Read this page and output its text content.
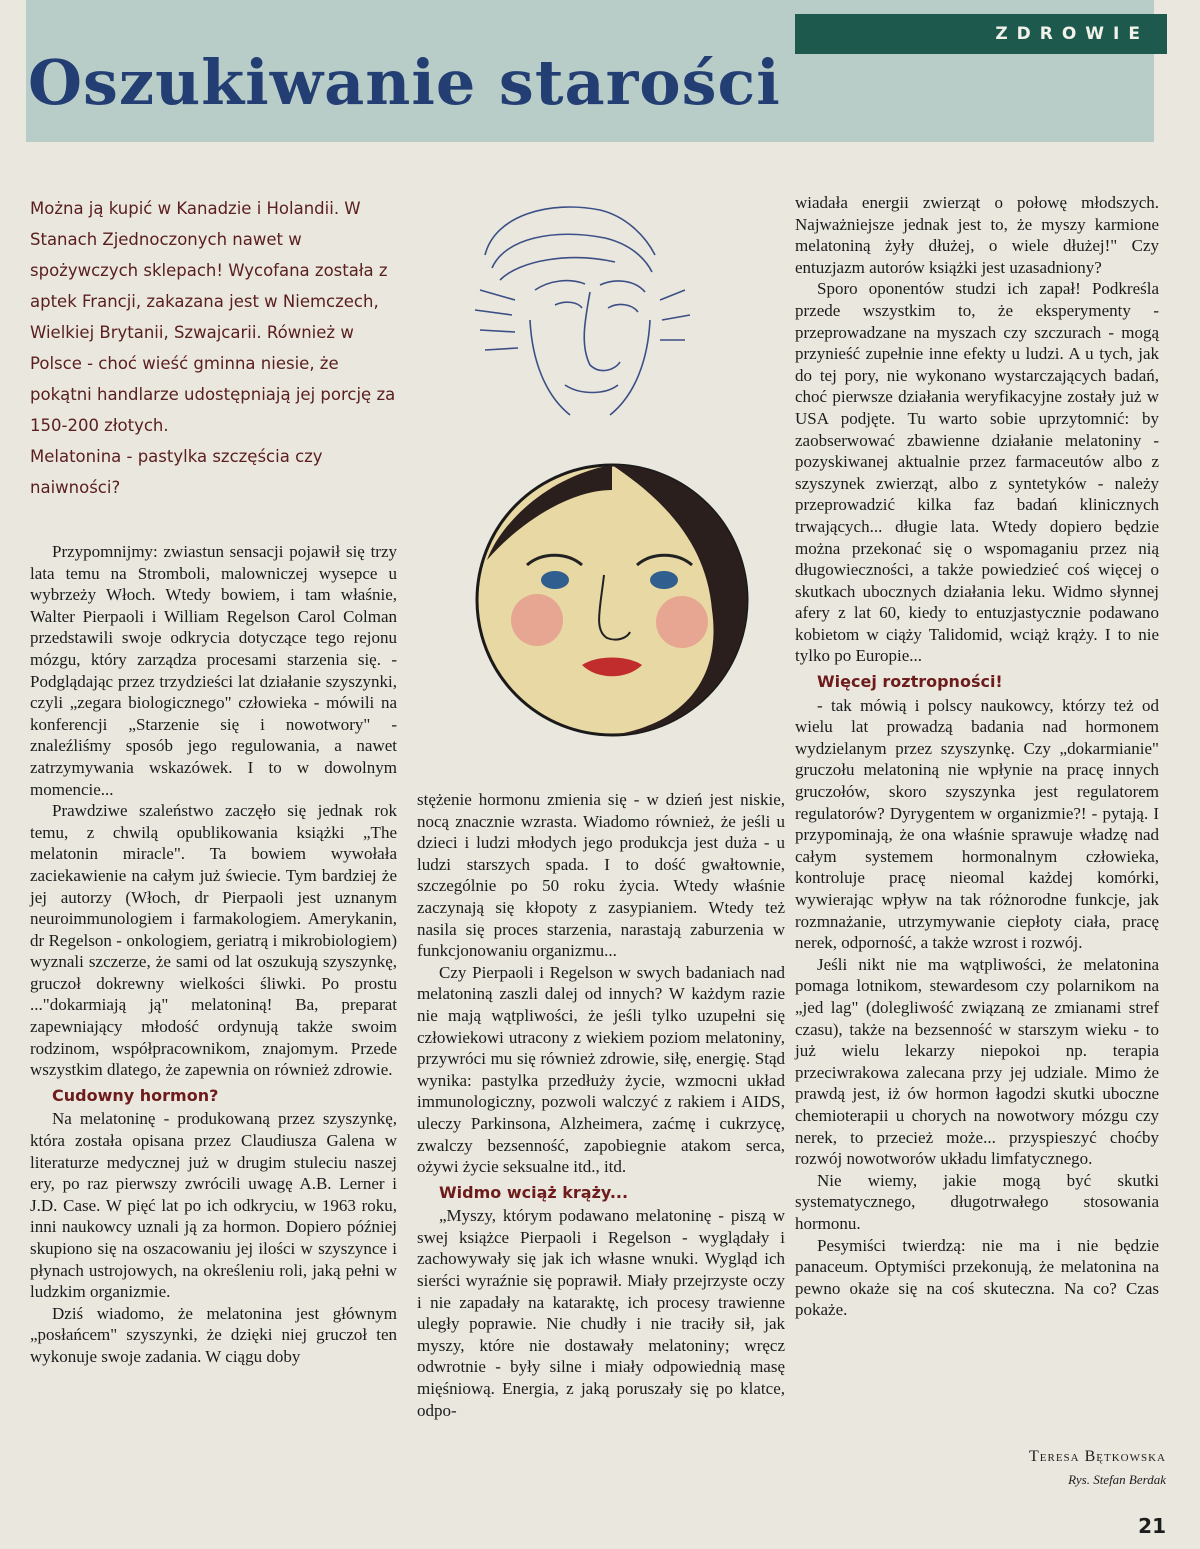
ZDROWIE
Oszukiwanie starości

Można ją kupić w Kanadzie i Holandii. W Stanach Zjednoczonych nawet w spożywczych sklepach! Wycofana została z aptek Francji, zakazana jest w Niemczech, Wielkiej Brytanii, Szwajcarii. Również w Polsce - choć wieść gminna niesie, że pokątni handlarze udostępniają jej porcję za 150-200 złotych.

Melatonina - pastylka szczęścia czy naiwności?

Przypomnijmy: zwiastun sensacji pojawił się trzy lata temu na Stromboli, malowniczej wysepce u wybrzeży Włoch. Wtedy bowiem, i tam właśnie, Walter Pierpaoli i William Regelson Carol Colman przedstawili swoje odkrycia dotyczące tego rejonu mózgu, który zarządza procesami starzenia się. - Podglądając przez trzydzieści lat działanie szyszynki, czyli „zegara biologicznego" człowieka - mówili na konferencji „Starzenie się i nowotwory" - znaleźliśmy sposób jego regulowania, a nawet zatrzymywania wskazówek. I to w dowolnym momencie...

Prawdziwe szaleństwo zaczęło się jednak rok temu, z chwilą opublikowania książki „The melatonin miracle". Ta bowiem wywołała zaciekawienie na całym już świecie. Tym bardziej że jej autorzy (Włoch, dr Pierpaoli jest uznanym neuroimmunologiem i farmakologiem. Amerykanin, dr Regelson - onkologiem, geriatrą i mikrobiologiem) wyznali szczerze, że sami od lat oszukują szyszynkę, gruczoł dokrewny wielkości śliwki. Po prostu ..."dokarmiają ją" melatoniną! Ba, preparat zapewniający młodość ordynują także swoim rodzinom, współpracownikom, znajomym. Przede wszystkim dlatego, że zapewnia on również zdrowie.

Cudowny hormon?

Na melatoninę - produkowaną przez szyszynkę, która została opisana przez Claudiusza Galena w literaturze medycznej już w drugim stuleciu naszej ery, po raz pierwszy zwrócili uwagę A.B. Lerner i J.D. Case. W pięć lat po ich odkryciu, w 1963 roku, inni naukowcy uznali ją za hormon. Dopiero później skupiono się na oszacowaniu jej ilości w szyszynce i płynach ustrojowych, na określeniu roli, jaką pełni w ludzkim organizmie.

Dziś wiadomo, że melatonina jest głównym „posłańcem" szyszynki, że dzięki niej gruczoł ten wykonuje swoje zadania. W ciągu doby

stężenie hormonu zmienia się - w dzień jest niskie, nocą znacznie wzrasta. Wiadomo również, że jeśli u dzieci i ludzi młodych jego produkcja jest duża - u ludzi starszych spada. I to dość gwałtownie, szczególnie po 50 roku życia. Wtedy właśnie zaczynają się kłopoty z zasypianiem. Wtedy też nasila się proces starzenia, narastają zaburzenia w funkcjonowaniu organizmu...

Czy Pierpaoli i Regelson w swych badaniach nad melatoniną zaszli dalej od innych? W każdym razie nie mają wątpliwości, że jeśli tylko uzupełni się człowiekowi utracony z wiekiem poziom melatoniny, przywróci mu się również zdrowie, siłę, energię. Stąd wynika: pastylka przedłuży życie, wzmocni układ immunologiczny, pozwoli walczyć z rakiem i AIDS, uleczy Parkinsona, Alzheimera, zaćmę i cukrzycę, zwalczy bezsenność, zapobiegnie atakom serca, ożywi życie seksualne itd., itd.

Widmo wciąż krąży...

„Myszy, którym podawano melatoninę - piszą w swej książce Pierpaoli i Regelson - wyglądały i zachowywały się jak ich własne wnuki. Wygląd ich sierści wyraźnie się poprawił. Miały przejrzyste oczy i nie zapadały na kataraktę, ich procesy trawienne uległy poprawie. Nie chudły i nie traciły sił, jak myszy, które nie dostawały melatoniny; wręcz odwrotnie - były silne i miały odpowiednią masę mięśniową. Energia, z jaką poruszały się po klatce, odpo-

wiadała energii zwierząt o połowę młodszych. Najważniejsze jednak jest to, że myszy karmione melatoniną żyły dłużej, o wiele dłużej!" Czy entuzjazm autorów książki jest uzasadniony?

Sporo oponentów studzi ich zapał! Podkreśla przede wszystkim to, że eksperymenty - przeprowadzane na myszach czy szczurach - mogą przynieść zupełnie inne efekty u ludzi. A u tych, jak do tej pory, nie wykonano wystarczających badań, choć pierwsze działania weryfikacyjne zostały już w USA podjęte. Tu warto sobie uprzytomnić: by zaobserwować zbawienne działanie melatoniny - pozyskiwanej aktualnie przez farmaceutów albo z szyszynek zwierząt, albo z syntetyków - należy przeprowadzić kilka faz badań klinicznych trwających... długie lata. Wtedy dopiero będzie można przekonać się o wspomaganiu przez nią długowieczności, a także powiedzieć coś więcej o skutkach ubocznych działania leku. Widmo słynnej afery z lat 60, kiedy to entuzjastycznie podawano kobietom w ciąży Talidomid, wciąż krąży. I to nie tylko po Europie...

Więcej roztropności!

- tak mówią i polscy naukowcy, którzy też od wielu lat prowadzą badania nad hormonem wydzielanym przez szyszynkę. Czy „dokarmianie" gruczołu melatoniną nie wpłynie na pracę innych gruczołów, skoro szyszynka jest regulatorem regulatorów? Dyrygentem w organizmie?! - pytają. I przypominają, że ona właśnie sprawuje władzę nad całym systemem hormonalnym człowieka, kontroluje pracę nieomal każdej komórki, wywierając wpływ na tak różnorodne funkcje, jak rozmnażanie, utrzymywanie ciepłoty ciała, pracę nerek, odporność, a także wzrost i rozwój.

Jeśli nikt nie ma wątpliwości, że melatonina pomaga lotnikom, stewardesom czy polarnikom na „jed lag" (dolegliwość związaną ze zmianami stref czasu), także na bezsenność w starszym wieku - to już wielu lekarzy niepokoi np. terapia przeciwrakowa zalecana przy jej udziale. Mimo że prawdą jest, iż ów hormon łagodzi skutki uboczne chemioterapii u chorych na nowotwory mózgu czy nerek, to przecież może... przyspieszyć choćby rozwój nowotworów układu limfatycznego.

Nie wiemy, jakie mogą być skutki systematycznego, długotrwałego stosowania hormonu.

Pesymiści twierdzą: nie ma i nie będzie panaceum. Optymiści przekonują, że melatonina na pewno okaże się na coś skuteczna. Na co? Czas pokaże.

Teresa Bętkowska
Rys. Stefan Berdak
21
